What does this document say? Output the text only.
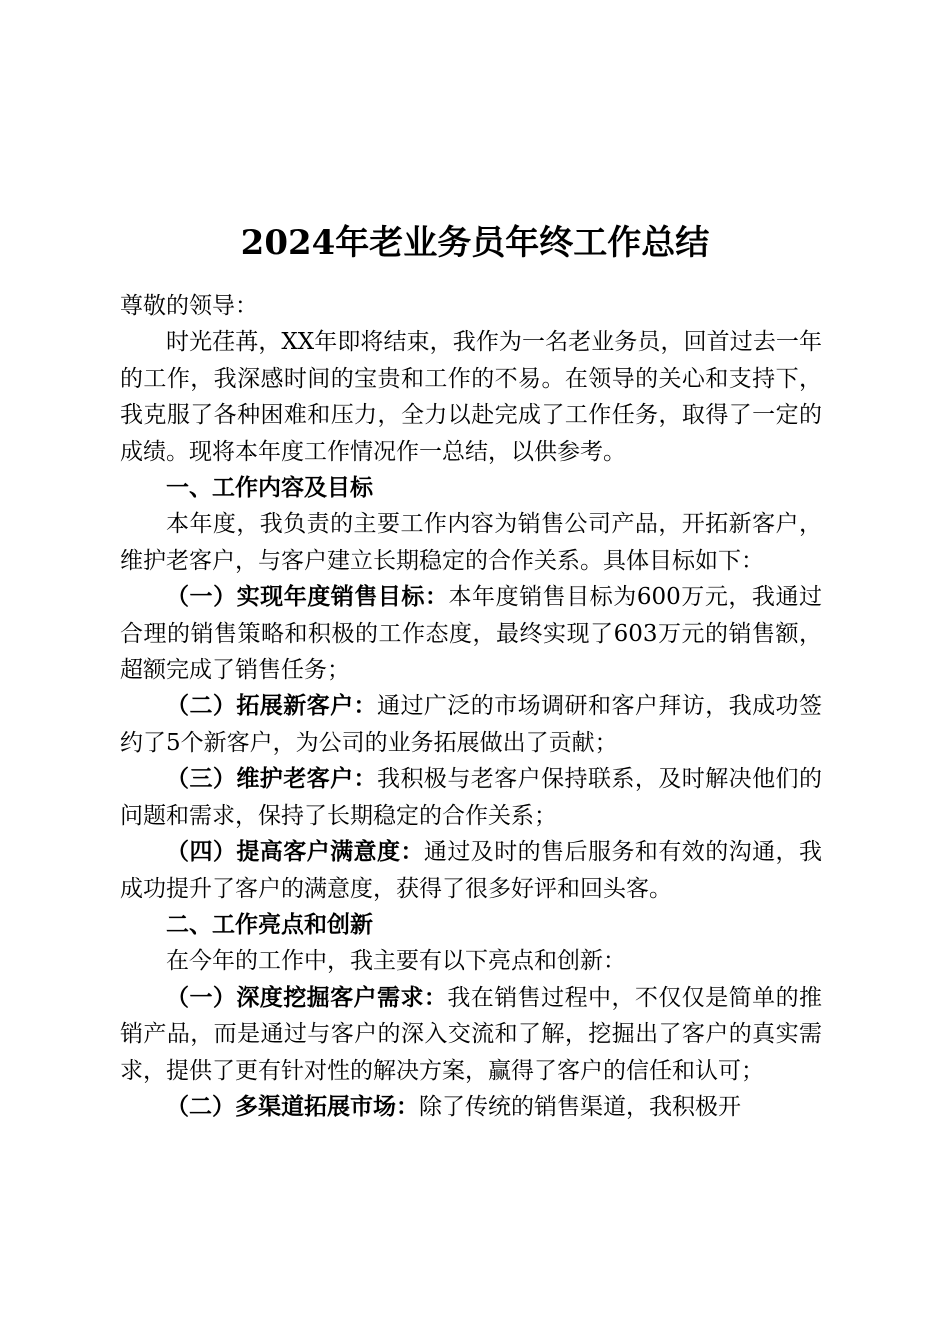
2024年老业务员年终工作总结

尊敬的领导：

时光荏苒，XX年即将结束，我作为一名老业务员，回首过去一年的工作，我深感时间的宝贵和工作的不易。在领导的关心和支持下，我克服了各种困难和压力，全力以赴完成了工作任务，取得了一定的成绩。现将本年度工作情况作一总结，以供参考。

一、工作内容及目标

本年度，我负责的主要工作内容为销售公司产品，开拓新客户，维护老客户，与客户建立长期稳定的合作关系。具体目标如下：

（一）实现年度销售目标：本年度销售目标为600万元，我通过合理的销售策略和积极的工作态度，最终实现了603万元的销售额，超额完成了销售任务；

（二）拓展新客户：通过广泛的市场调研和客户拜访，我成功签约了5个新客户，为公司的业务拓展做出了贡献；

（三）维护老客户：我积极与老客户保持联系，及时解决他们的问题和需求，保持了长期稳定的合作关系；

（四）提高客户满意度：通过及时的售后服务和有效的沟通，我成功提升了客户的满意度，获得了很多好评和回头客。

二、工作亮点和创新

在今年的工作中，我主要有以下亮点和创新：

（一）深度挖掘客户需求：我在销售过程中，不仅仅是简单的推销产品，而是通过与客户的深入交流和了解，挖掘出了客户的真实需求，提供了更有针对性的解决方案，赢得了客户的信任和认可；

（二）多渠道拓展市场：除了传统的销售渠道，我积极开
